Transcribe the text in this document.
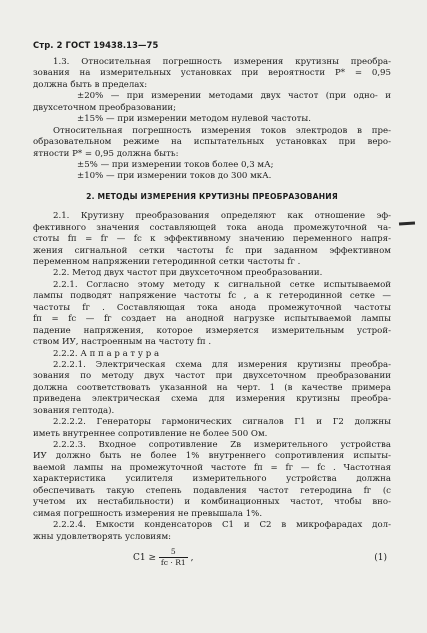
Стр. 2 ГОСТ 19438.13—75
1.3. Относительная погрешность измерения крутизны преобра-
зования на измерительных установках при вероятности P* = 0,95
должна быть в пределах:
±20% — при измерении методами двух частот (при одно- и
двухсеточном преобразовании;
±15% — при измерении методом нулевой частоты.
Относительная погрешность измерения токов электродов в пре-
образовательном режиме на испытательных установках при веро-
ятности P* = 0,95 должна быть:
±5% — при измерении токов более 0,3 мА;
±10% — при измерении токов до 300 мкА.
2. МЕТОДЫ ИЗМЕРЕНИЯ КРУТИЗНЫ ПРЕОБРАЗОВАНИЯ
2.1. Крутизну преобразования определяют как отношение эф-
фективного значения составляющей тока анода промежуточной ча-
стоты fп = fг — fс к эффективному значению переменного напря-
жения сигнальной сетки частоты fс при заданном эффективном
переменном напряжении гетеродинной сетки частоты fг .
2.2. Метод двух частот при двухсеточном преобразовании.
2.2.1. Согласно этому методу к сигнальной сетке испытываемой
лампы подводят напряжение частоты fс , а к гетеродинной сетке —
частоты fг . Составляющая тока анода промежуточной частоты
fп = fс — fг создает на анодной нагрузке испытываемой лампы
падение напряжения, которое измеряется измерительным устрой-
ством ИУ, настроенным на частоту fп .
2.2.2. А п п а р а т у р а
2.2.2.1. Электрическая схема для измерения крутизны преобра-
зования по методу двух частот при двухсеточном преобразовании
должна соответствовать указанной на черт. 1 (в качестве примера
приведена электрическая схема для измерения крутизны преобра-
зования гептода).
2.2.2.2. Генераторы гармонических сигналов Г1 и Г2 должны
иметь внутреннее сопротивление не более 500 Ом.
2.2.2.3. Входное сопротивление Zв измерительного устройства
ИУ должно быть не более 1% внутреннего сопротивления испыты-
ваемой лампы на промежуточной частоте fп = fг — fс . Частотная
характеристика усилителя измерительного устройства должна
обеспечивать такую степень подавления частот гетеродина fг (с
учетом их нестабильности) и комбинационных частот, чтобы вно-
симая погрешность измерения не превышала 1%.
2.2.2.4. Емкости конденсаторов C1 и C2 в микрофарадах дол-
жны удовлетворять условиям:
$C1 \ge \frac{5}{fс \cdot R1}$ ,	(1)
